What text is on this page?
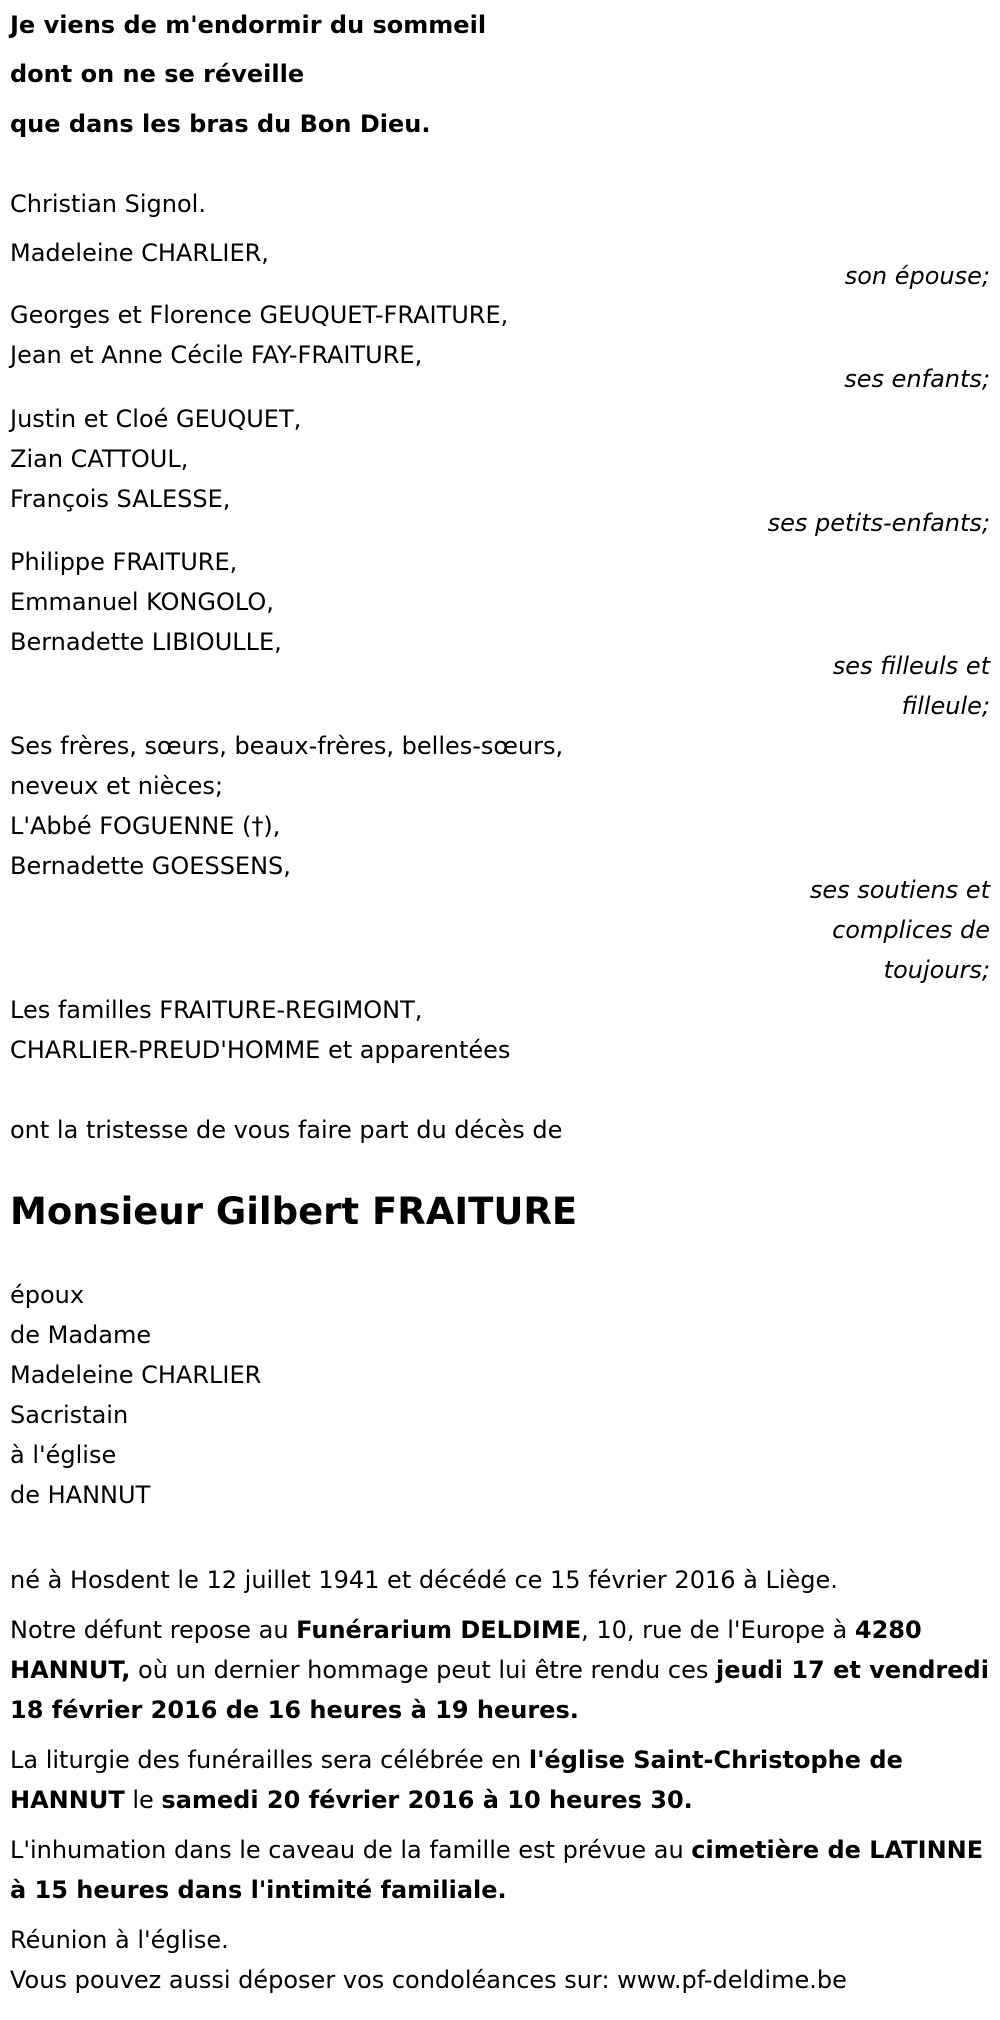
Je viens de m'endormir du sommeil
dont on ne se réveille
que dans les bras du Bon Dieu.
Christian Signol.
Madeleine CHARLIER,
son épouse;
Georges et Florence GEUQUET-FRAITURE,
Jean et Anne Cécile FAY-FRAITURE,
ses enfants;
Justin et Cloé GEUQUET,
Zian CATTOUL,
François SALESSE,
ses petits-enfants;
Philippe FRAITURE,
Emmanuel KONGOLO,
Bernadette LIBIOULLE,
ses filleuls et
filleule;
Ses frères, sœurs, beaux-frères, belles-sœurs,
neveux et nièces;
L'Abbé FOGUENNE (†),
Bernadette GOESSENS,
ses soutiens et
complices de
toujours;
Les familles FRAITURE-REGIMONT,
CHARLIER-PREUD'HOMME et apparentées
ont la tristesse de vous faire part du décès de
Monsieur Gilbert FRAITURE
époux
de Madame
Madeleine CHARLIER
Sacristain
à l'église
de HANNUT
né à Hosdent le 12 juillet 1941 et décédé ce 15 février 2016 à Liège.
Notre défunt repose au Funérarium DELDIME, 10, rue de l'Europe à 4280 HANNUT, où un dernier hommage peut lui être rendu ces jeudi 17 et vendredi 18 février 2016 de 16 heures à 19 heures.
La liturgie des funérailles sera célébrée en l'église Saint-Christophe de HANNUT le samedi 20 février 2016 à 10 heures 30.
L'inhumation dans le caveau de la famille est prévue au cimetière de LATINNE à 15 heures dans l'intimité familiale.
Réunion à l'église.
Vous pouvez aussi déposer vos condoléances sur: www.pf-deldime.be
